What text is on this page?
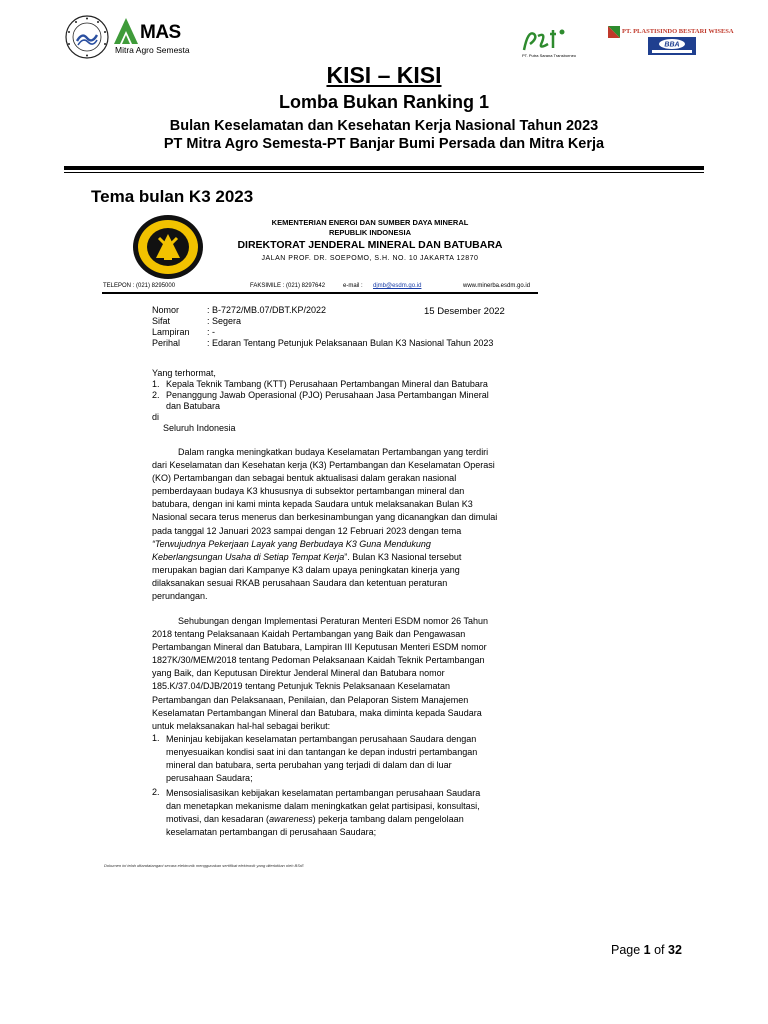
MAS
Mitra Agro Semesta
PT. Putra Sarana Transborneo
PT. PLASTISINDO BESTARI WISESA
BBA
KISI – KISI
Lomba Bukan Ranking 1
Bulan Keselamatan dan Kesehatan Kerja Nasional Tahun 2023
PT Mitra Agro Semesta-PT Banjar Bumi Persada dan Mitra Kerja
Tema bulan K3 2023
KEMENTERIAN ENERGI DAN SUMBER DAYA MINERAL
REPUBLIK INDONESIA
DIREKTORAT JENDERAL MINERAL DAN BATUBARA
JALAN PROF. DR. SOEPOMO, S.H. NO. 10 JAKARTA 12870
TELEPON : (021) 8295000	FAKSIMILE : (021) 8297642	e-mail : djmb@esdm.go.id	www.minerba.esdm.go.id
Nomor	: B-7272/MB.07/DBT.KP/2022	15 Desember 2022
Sifat	: Segera
Lampiran : -
Perihal	: Edaran Tentang Petunjuk Pelaksanaan Bulan K3 Nasional Tahun 2023
Yang terhormat,
1. Kepala Teknik Tambang (KTT) Perusahaan Pertambangan Mineral dan Batubara
2. Penanggung Jawab Operasional (PJO) Perusahaan Jasa Pertambangan Mineral
dan Batubara
di
Seluruh Indonesia
Dalam rangka meningkatkan budaya Keselamatan Pertambangan yang terdiri
dari Keselamatan dan Kesehatan kerja (K3) Pertambangan dan Keselamatan Operasi
(KO) Pertambangan dan sebagai bentuk aktualisasi dalam gerakan nasional
pemberdayaan budaya K3 khususnya di subsektor pertambangan mineral dan
batubara, dengan ini kami minta kepada Saudara untuk melaksanakan Bulan K3
Nasional secara terus menerus dan berkesinambungan yang dicanangkan dan dimulai
pada tanggal 12 Januari 2023 sampai dengan 12 Februari 2023 dengan tema
“Terwujudnya Pekerjaan Layak yang Berbudaya K3 Guna Mendukung
Keberlangsungan Usaha di Setiap Tempat Kerja”. Bulan K3 Nasional tersebut
merupakan bagian dari Kampanye K3 dalam upaya peningkatan kinerja yang
dilaksanakan sesuai RKAB perusahaan Saudara dan ketentuan peraturan
perundangan.
Sehubungan dengan Implementasi Peraturan Menteri ESDM nomor 26 Tahun
2018 tentang Pelaksanaan Kaidah Pertambangan yang Baik dan Pengawasan
Pertambangan Mineral dan Batubara, Lampiran III Keputusan Menteri ESDM nomor
1827K/30/MEM/2018 tentang Pedoman Pelaksanaan Kaidah Teknik Pertambangan
yang Baik, dan Keputusan Direktur Jenderal Mineral dan Batubara nomor
185.K/37.04/DJB/2019 tentang Petunjuk Teknis Pelaksanaan Keselamatan
Pertambangan dan Pelaksanaan, Penilaian, dan Pelaporan Sistem Manajemen
Keselamatan Pertambangan Mineral dan Batubara, maka diminta kepada Saudara
untuk melaksanakan hal-hal sebagai berikut:
1. Meninjau kebijakan keselamatan pertambangan perusahaan Saudara dengan
menyesuaikan kondisi saat ini dan tantangan ke depan industri pertambangan
mineral dan batubara, serta perubahan yang terjadi di dalam dan di luar
perusahaan Saudara;
2. Mensosialisasikan kebijakan keselamatan pertambangan perusahaan Saudara
dan menetapkan mekanisme dalam meningkatkan gelat partisipasi, konsultasi,
motivasi, dan kesadaran (awareness) pekerja tambang dalam pengelolaan
keselamatan pertambangan di perusahaan Saudara;
Dokumen ini telah ditandatangani secara elektronik menggunakan sertifikat elektronik yang diterbitkan oleh BSrE
Page 1 of 32
